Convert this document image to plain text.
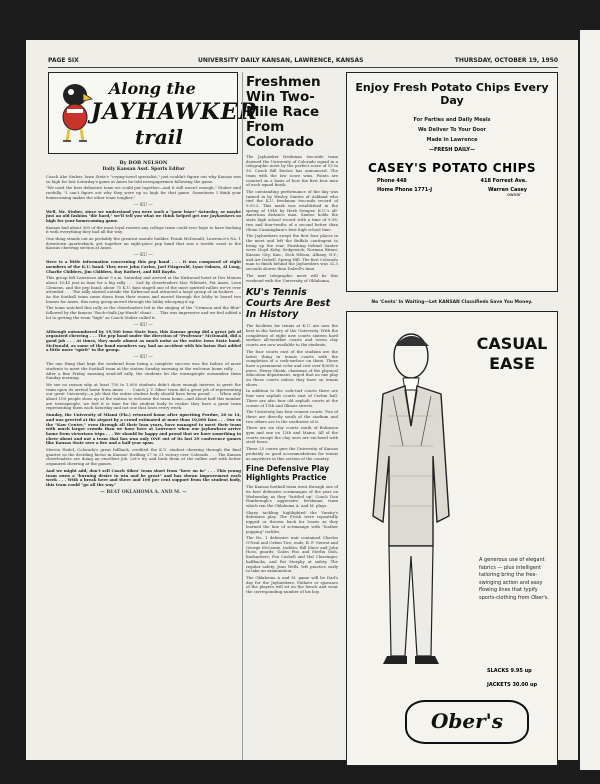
PAGE SIX	UNIVERSITY DAILY KANSAN, LAWRENCE, KANSAS	THURSDAY, OCTOBER 19, 1950
Along the
JAYHAWKER
trail
By BOB NELSON
Daily Kansan Asst. Sports Editor

Coach Abe Stuber, Iowa State's "crying-towel specialist," just couldn't figure out why Kansas was so high for last Saturday's game at Ames he told newspapermen following the game.

"We used the best defensive team we could put together—and it still wasn't enough," Stuber said ruefully. "I can't figure out why they were up so high for that game. Sometimes I think your homecoming makes the other team tougher."

— KU —

Well, Mr. Stuber, since we understand you were such a "poor loser" Saturday, or maybe just an old fashion "die hard," we'll tell you what we think helped get our Jayhawkers so high for your homecoming game.

Kansas had about 300 of the most loyal rooters any college team could ever hope to have backing it with everything they had all the way.

One thing stands out as probably the greatest morale builder. Frank McDonald, Lawrence's No. 1 downtown quarterback, got together an eight-piece pep band that was a terrific asset to the Kansas cheering section at Ames.

— KU —

Here is a little information concerning this pep band . . . It was composed of eight members of the K.U. band. They were John Carlos, Joel Fitzgerald, Lynn Osborn, Al Long, Charlie Childers, Jim Childers, Ray Rathert, and Bill Baydo.

This group left Lawrence about 5 a.m. Saturday and arrived at the Kirkwood hotel at Des Moines about 10:45 just in time for a big rally . . . Led by cheerleaders Mac Whitsett, Pat Ames, Leon Clemens, and the pep band, about 75 K.U. fans staged one of the most spirited rallies we've ever attended . . . The rally started outside the Kirkwood and attracted a large group of on-lookers . . . As the football team came down from their rooms and moved through the lobby to board two busses for Ames, this noisy group moved through the lobby whooping it up.

The team watched this rally as the cheerleaders led in the singing of the "Crimson and the Blue" followed by the famous "Rock-chalk Jay-Hawk" chant . . . This was impressive and we feel added a lot to getting the team "high" as Coach Stuber called it.

— KU —

Although outnumbered by 19,500 Iowa State fans, this Kansas group did a great job of organized cheering . . . The pep band under the direction of "Professor" McDonald, did a good job . . . At times, they made almost as much noise as the entire Iowa State band. McDonald, as some of the band members say, had an accident with his baton that added a little more "spirit" to the group.

— KU —

The one thing that kept the weekend from being a complete success was the failure of more students to meet the football team at the station Sunday morning at the welcome home rally . . . After a fine Friday morning send-off rally, the students let the townspeople outnumber them Sunday morning.

We see no reason why at least 750 to 1,000 students didn't show enough interest to greet the team upon its arrival home from Ames . . . Coach J. V. Sikes' team did a great job of representing our great University—a job that the entire student body should have been proud . . . When only about 100 people show up at the station to welcome the team home—and about half this number are townspeople, we feel it is time for the student body to realize they have a great team representing them each Saturday and not one that loses every week.

Sunday, the University of Miami (Fla.) returned home after upsetting Purdue, 20 to 14, and was greeted at the airport by a crowd estimated at more than 10,000 fans . . . Our ex the "Kaw Centre," even through all their lean years, have managed to meet their team with much larger crowds than we have here at Lawrence when our Jayhawkers arrive home from victorious trips . . . We should be happy and proud that we have something to cheer about and not a team that has won only ONE out of its last 29 conference games like Kansas State over a five and a half year span.

Mervin Hodel, Colorado's great fullback, credited the K.U. student cheering through the final quarter as the deciding factor in Kansas' thrilling 27 to 21 victory over Colorado . . . The Kansas cheerleaders are doing an excellent job. Let's try and back them at the rallies and with better organized cheering at the games.

And we might add, don't sell Coach Sikes' team short from "here on in" . . . This young team owns a "burning desire to win and be great" and has shown improvement each week . . . With a break here and there and 100 per cent support from the student body, this team could "go all the way."

— BEAT OKLAHOMA A. AND M. —
Freshmen Win Two-Mile Race From Colorado

The Jayhawker freshman two-mile team downed the University of Colorado squad in a telegraphic meet by the perfect score of 15 to 30. Coach Bill Easton has announced. The team with the low score wins. Points are counted on a basis of how the first four men of each squad finish.

The outstanding performance of the day was turned in by Wesley Santee of Ashland who tied the K.U. freshman two-mile record of 9:39.3. This mark was established in the spring of 1948 by Herb Semper, K.U.'s all-American distance man. Santee holds the state high school record with a time of 9:38, two and four-tenths of a second better than Glenn Cunningham's best high school time.

The Jayhawkers swept the first four places in the meet and left the Buffalo contingent to bring up the rear. Finishing behind Santee were Lloyd Koby, Sedgewick; Norman Bitner, Kansas City, Kan.; Dick Wilson, Albany, N.Y.; and Art Dalzell, Spring Hill. The first Colorado man to finish behind the Jayhawkers was 32.3 seconds slower than Dalzell's time.

The next telegraphic meet will be this weekend with the University of Oklahoma.

KU's Tennis Courts Are Best In History

The facilities for tennis at K.U. are now the best in the history of the University. With the completion of eight new courts sixteen hard surface all-weather courts and seven clay courts are now available to the students.

The four courts east of the stadium are the latest thing in tennis courts with the completion of a cork-surface on them. These have a permanent color and cost over $3000 a piece, Henry Shenk, chairman of the physical education department, urged that no one play on these courts unless they have on tennis shoes.

In addition to the cork-turf courts there are four new asphalt courts east of Corbin hall. There are also four old asphalt courts at the corner of 11th and Illinois streets.

The University has four cement courts. Two of these are directly south of the stadium and two others are to the southwest of it.

There are six clay courts south of Robinson gym and one on 12th and Maine. All of the courts except the clay ones are enclosed with steel fence.

These 25 courts give the University of Kansas probably as good accommodations for tennis as anywhere in this section of the country.

Fine Defensive Play Highlights Practice

The Kansas football team went through one of its best defensive scrimmages of the year on Wednesday as they "bottled up" Coach Don Fambrough's aggressive freshman team which ran the Oklahoma A. and M. plays.

Sharp tackling highlighted the Varsity's defensive play. The Frosh were repeatedly nipped or thrown back for losses as they learned the line of scrimmage with "leather popping" tackles.

The No. 1 defensive unit contained Charles O'Neal and Orbon Tice, ends; B. F. Gerent and George McLemie, tackles; Bill Mace and John Hoss, guards; Galen Fiss and Merlin Gish, linebackers; Fox Cashell and Hal Cleavinger, halfbacks, and Pat Murphy at safety. The regular safety, Jean Wells, left practice early to take an examination.

The Oklahoma A and M. game will be Dad's day for the Jayhawkers. Fathers or sponsors of the players will sit on the bench and wear the corresponding number of his boy.

Enjoy Fresh Potato Chips Every Day
For Parties and Daily Meals
We Deliver To Your Door
Made in Lawrence
—FRESH DAILY—
CASEY'S POTATO CHIPS
Phone 448	418 Forrest Ave.
Home Phone 1771-J	Warren Casey
owner
No 'Cents' In Waiting—Let KANSAN Classifieds Save You Money.
CASUAL
EASE
A generous use of elegant fabrics — plus intelligent tailoring bring the free-swinging action and easy flowing lines that typify sports-clothing from Ober's.
SLACKS 9.95 up
JACKETS 30.00 up
Ober's
